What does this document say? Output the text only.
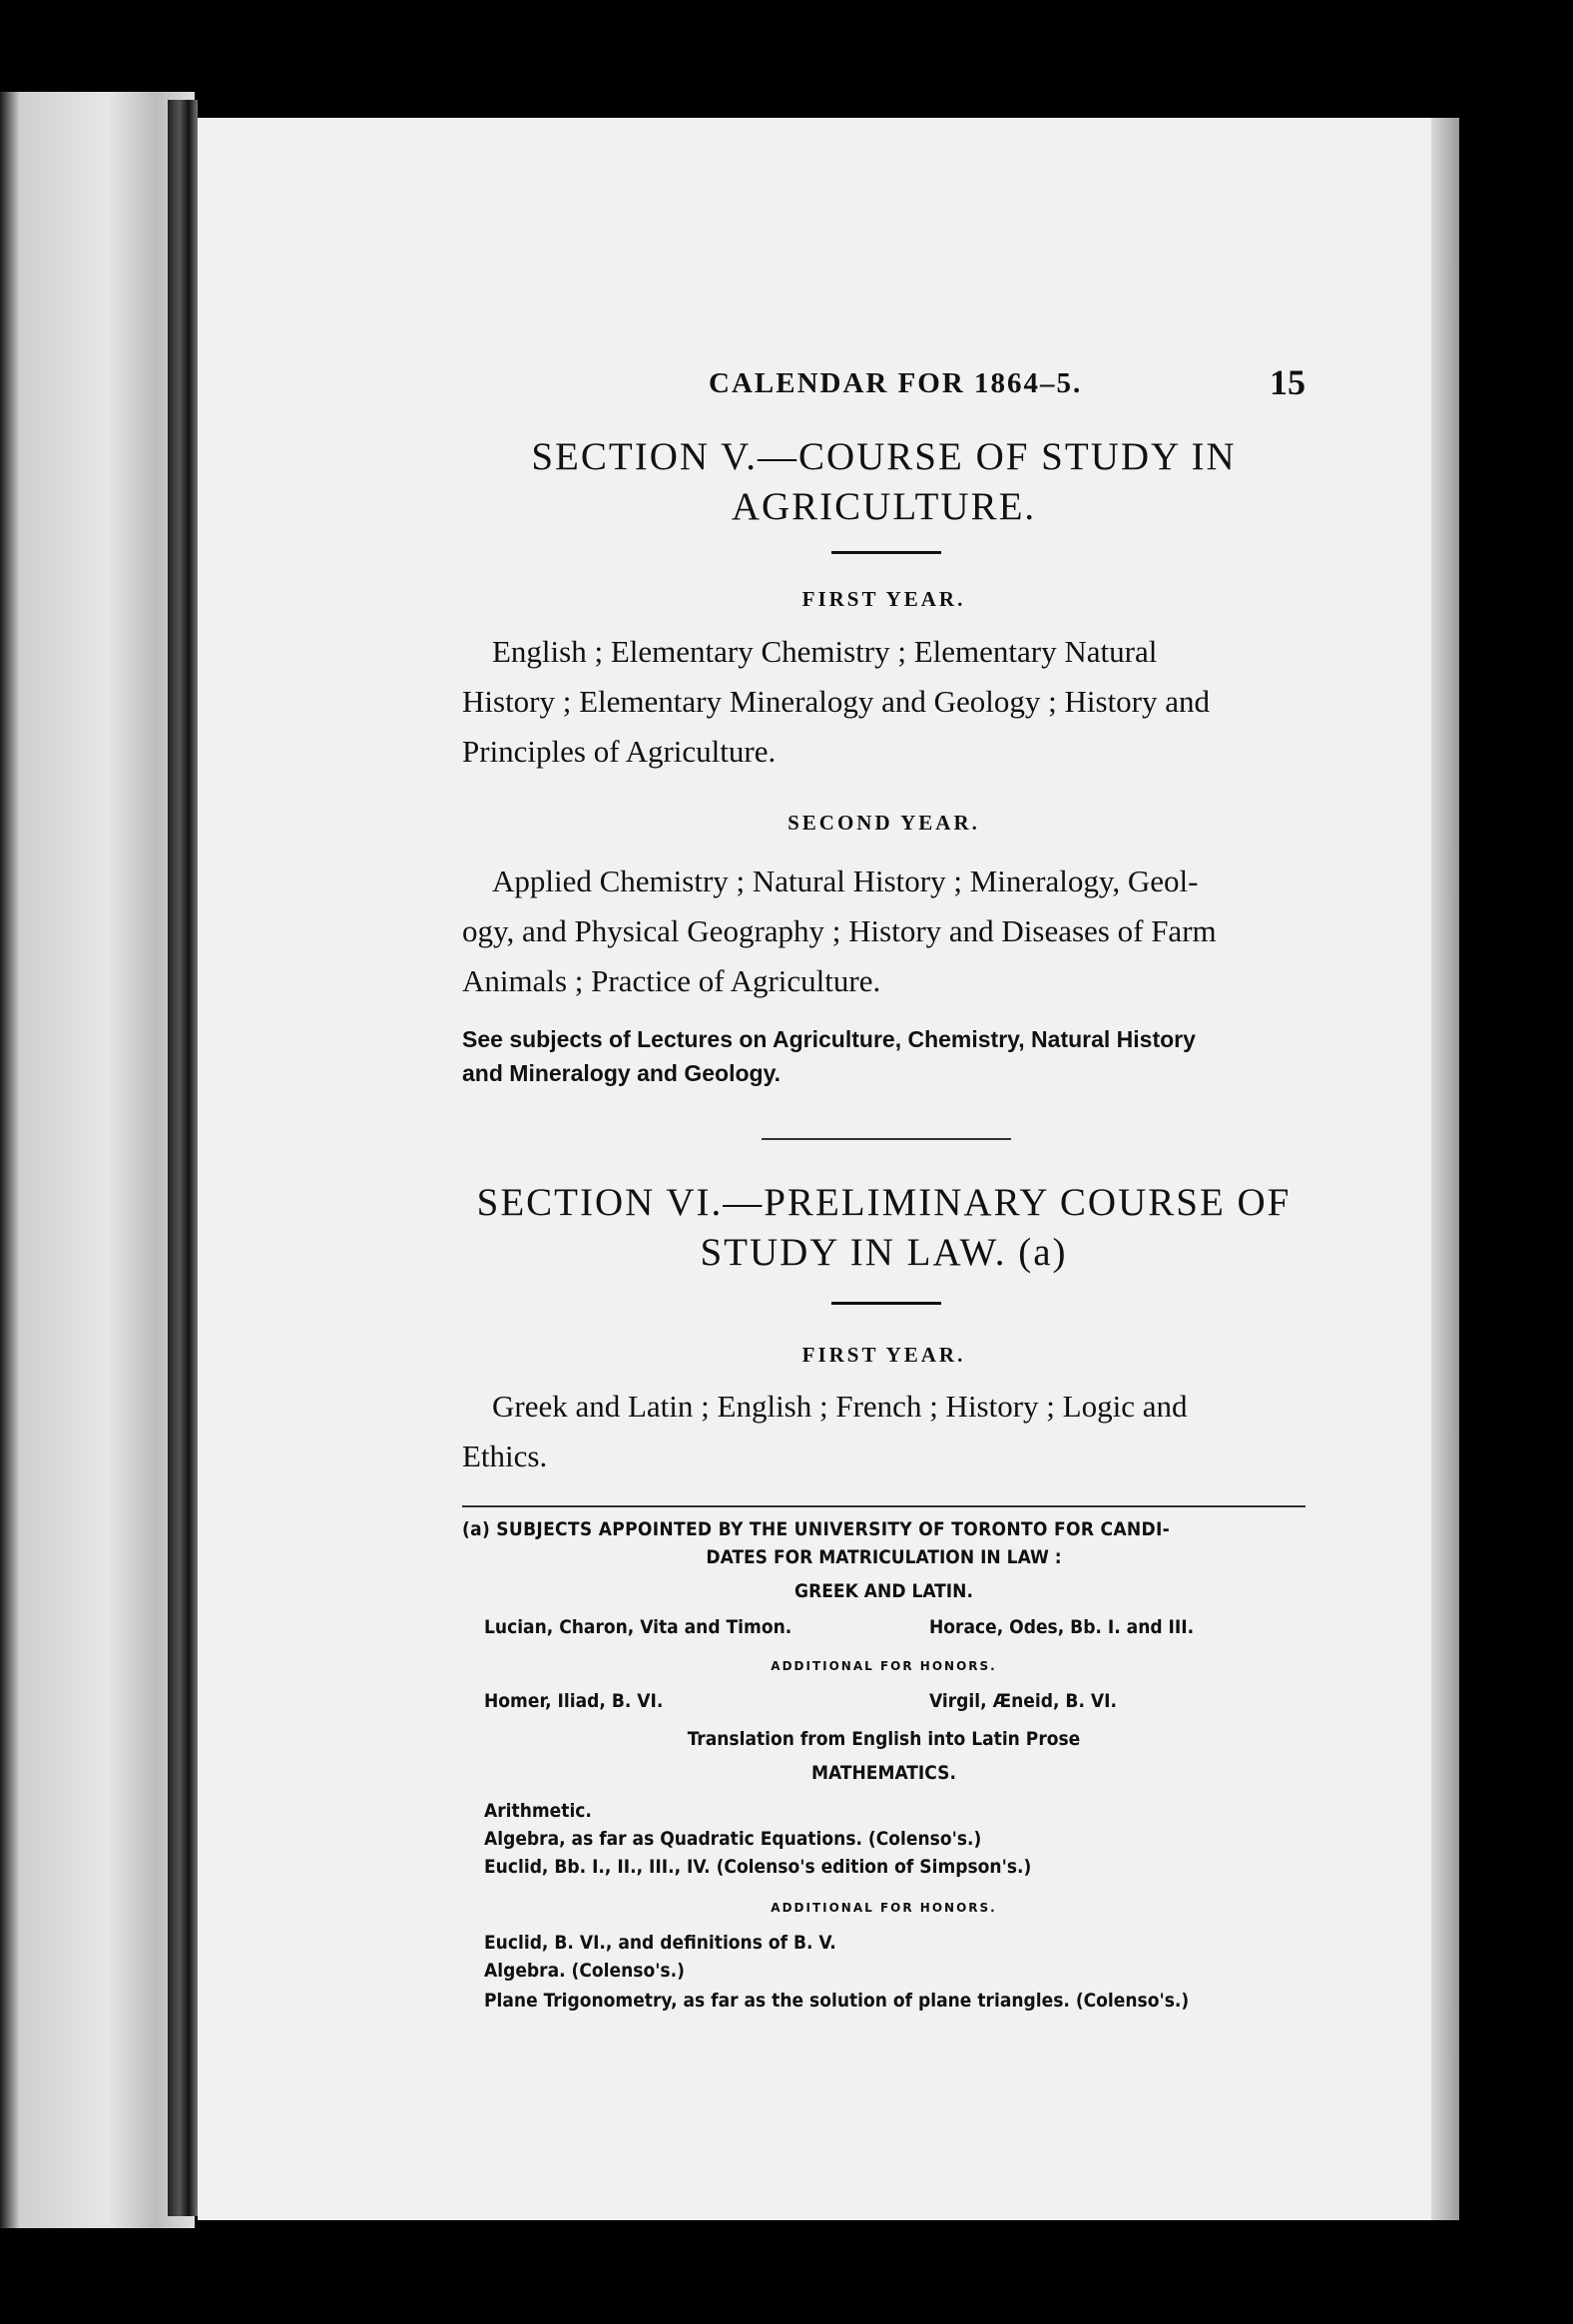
CALENDAR FOR 1864–5.	15
SECTION V.—COURSE OF STUDY IN
AGRICULTURE.
FIRST YEAR.
English ; Elementary Chemistry ; Elementary Natural
History ; Elementary Mineralogy and Geology ; History and
Principles of Agriculture.
SECOND YEAR.
Applied Chemistry ; Natural History ; Mineralogy, Geol-
ogy, and Physical Geography ; History and Diseases of Farm
Animals ; Practice of Agriculture.
See subjects of Lectures on Agriculture, Chemistry, Natural History
and Mineralogy and Geology.
SECTION VI.—PRELIMINARY COURSE OF
STUDY IN LAW. (a)
FIRST YEAR.
Greek and Latin ; English ; French ; History ; Logic and
Ethics.
(a) SUBJECTS APPOINTED BY THE UNIVERSITY OF TORONTO FOR CANDI-
DATES FOR MATRICULATION IN LAW :
GREEK AND LATIN.
Lucian, Charon, Vita and Timon.	Horace, Odes, Bb. I. and III.
ADDITIONAL FOR HONORS.
Homer, Iliad, B. VI.	Virgil, Æneid, B. VI.
Translation from English into Latin Prose
MATHEMATICS.
Arithmetic.
Algebra, as far as Quadratic Equations. (Colenso's.)
Euclid, Bb. I., II., III., IV. (Colenso's edition of Simpson's.)
ADDITIONAL FOR HONORS.
Euclid, B. VI., and definitions of B. V.
Algebra. (Colenso's.)
Plane Trigonometry, as far as the solution of plane triangles. (Colenso's.)
